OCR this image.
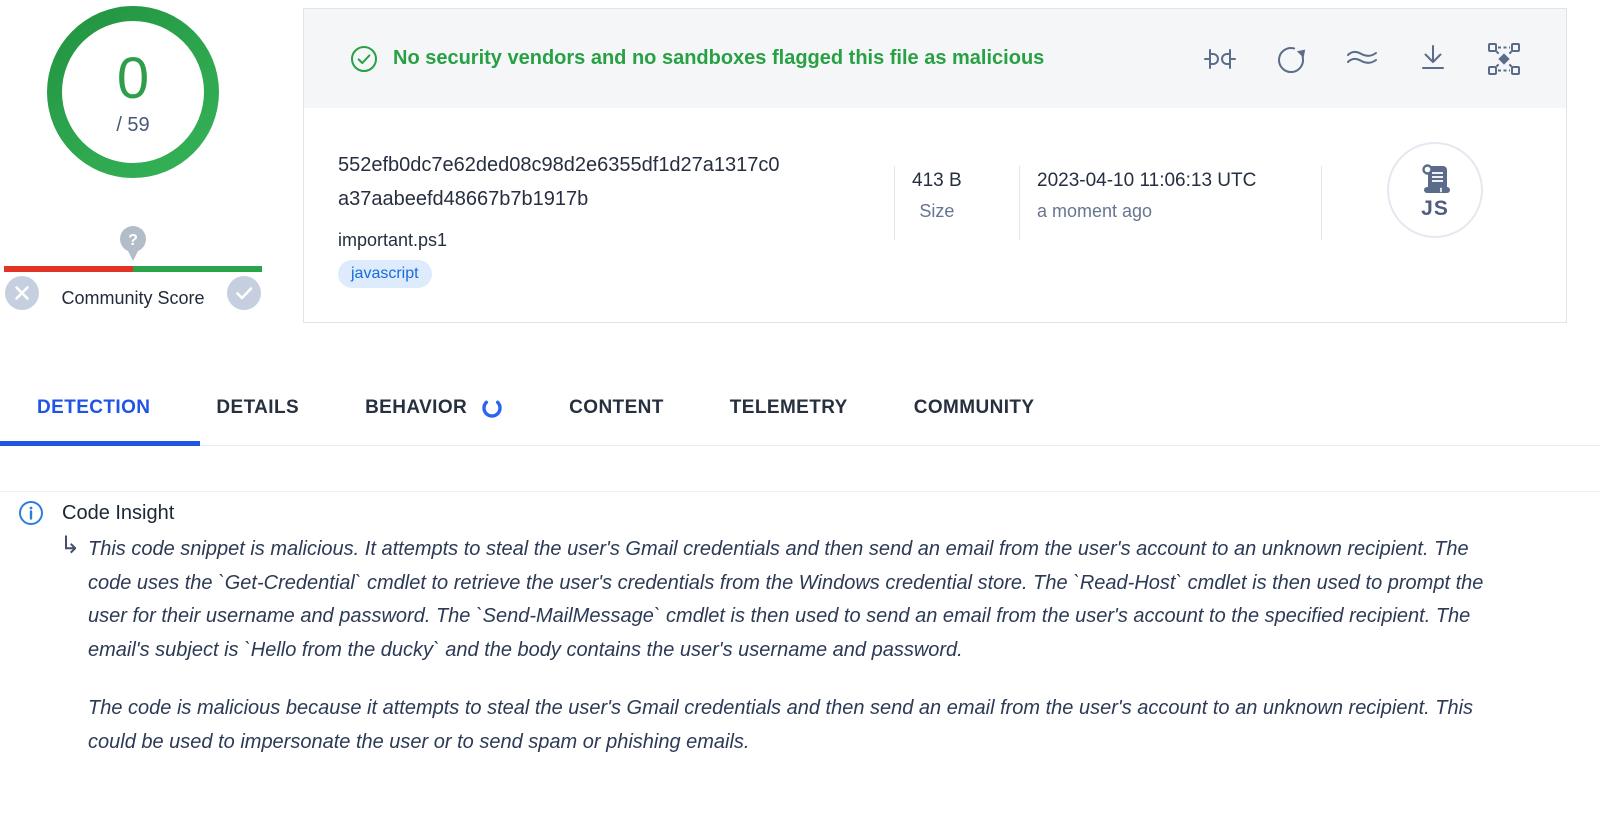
0
/ 59
?
Community Score
No security vendors and no sandboxes flagged this file as malicious
552efb0dc7e62ded08c98d2e6355df1d27a1317c0
a37aabeefd48667b7b1917b
important.ps1
javascript
413 B
Size
2023-04-10 11:06:13 UTC
a moment ago	JS
DETECTION	DETAILS	BEHAVIOR	CONTENT	TELEMETRY	COMMUNITY
Code Insight
↳ This code snippet is malicious. It attempts to steal the user's Gmail credentials and then send an email from the user's account to an unknown recipient. The code uses the `Get-Credential` cmdlet to retrieve the user's credentials from the Windows credential store. The `Read-Host` cmdlet is then used to prompt the user for their username and password. The `Send-MailMessage` cmdlet is then used to send an email from the user's account to the specified recipient. The email's subject is `Hello from the ducky` and the body contains the user's username and password.

The code is malicious because it attempts to steal the user's Gmail credentials and then send an email from the user's account to an unknown recipient. This could be used to impersonate the user or to send spam or phishing emails.
